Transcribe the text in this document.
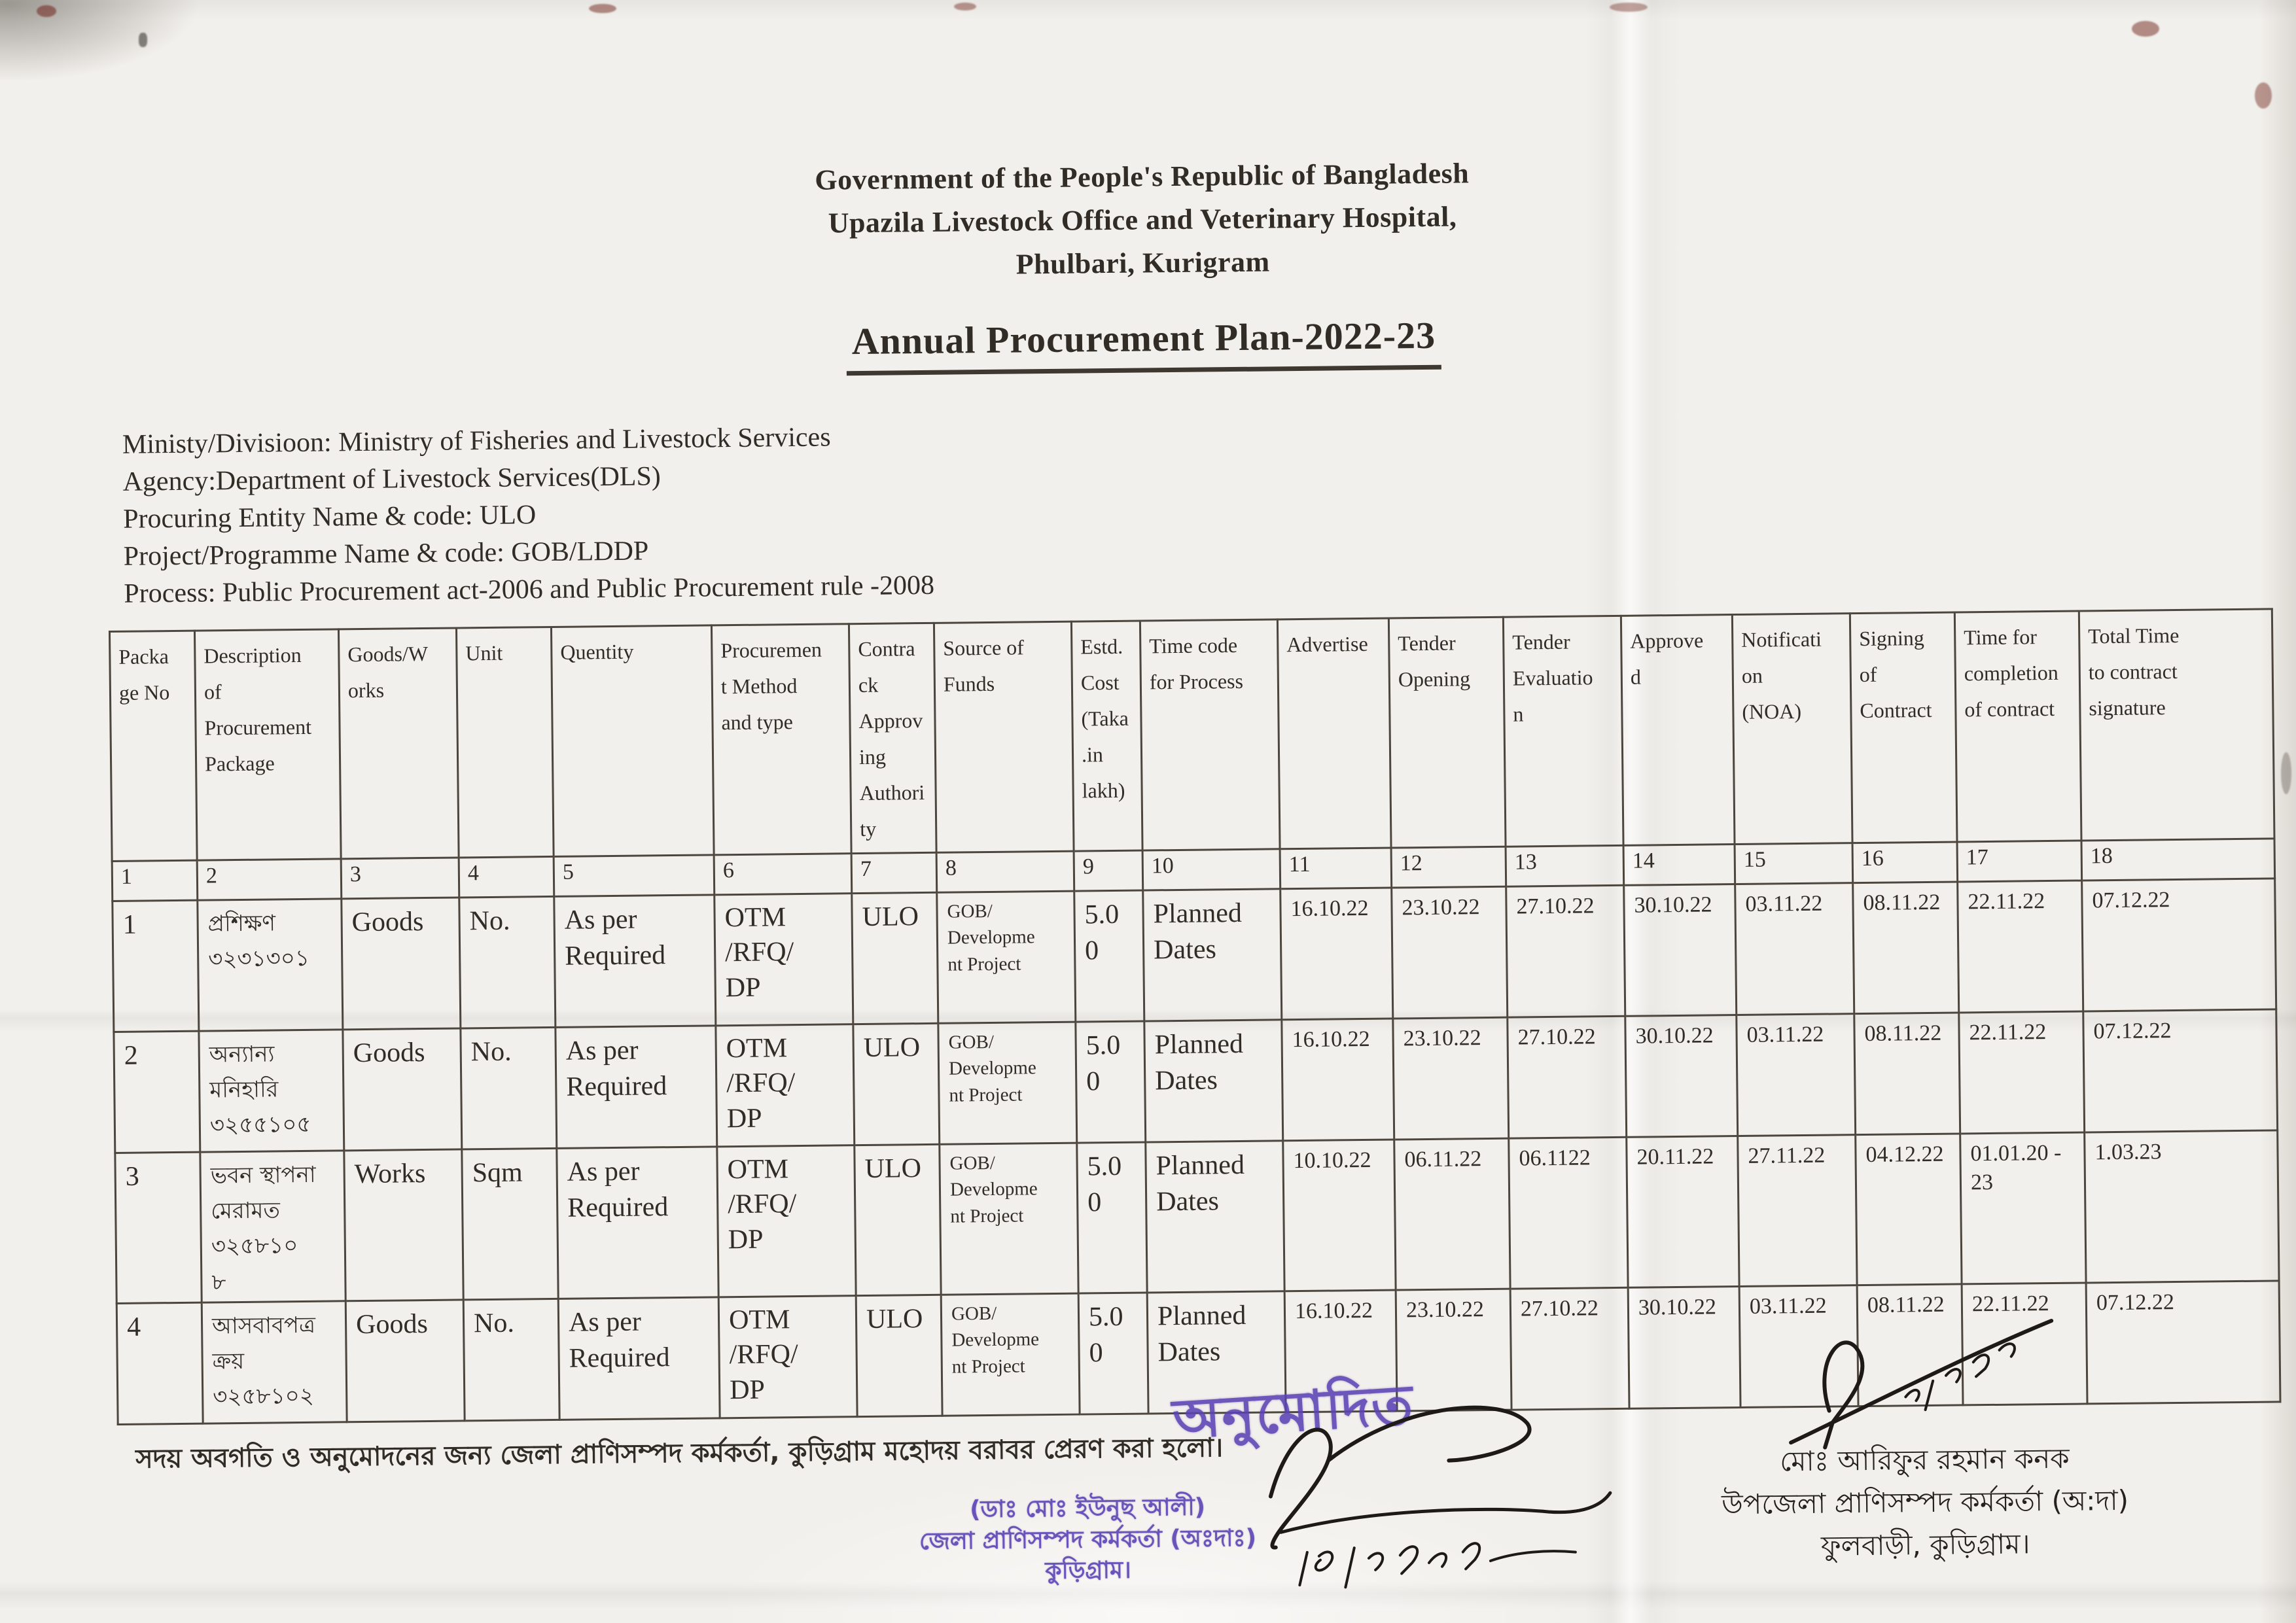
Government of the People's Republic of Bangladesh
Upazila Livestock Office and Veterinary Hospital,
Phulbari, Kurigram
Annual Procurement Plan-2022-23
Ministy/Divisioon: Ministry of Fisheries and Livestock Services
Agency:Department of Livestock Services(DLS)
Procuring Entity Name & code: ULO
Project/Programme Name & code: GOB/LDDP
Process: Public Procurement act-2006 and Public Procurement rule -2008
Packa
ge No	Description
of
Procurement
Package	Goods/W
orks	Unit	Quentity	Procuremen
t Method
and type	Contra
ck
Approv
ing
Authori
ty	Source of
Funds	Estd.
Cost
(Taka
.in
lakh)	Time code
for Process	Advertise	Tender
Opening	Tender
Evaluatio
n	Approve
d	Notificati
on
(NOA)	Signing
of
Contract	Time for
completion
of contract	Total Time
to contract
signature
1	2	3	4	5	6	7	8	9	10	11	12	13	14	15	16	17	18
1	প্রশিক্ষণ
৩২৩১৩০১	Goods	No.	As per
Required	OTM
/RFQ/
DP	ULO	GOB/
Developme
nt Project	5.0
0	Planned
Dates	16.10.22	23.10.22	27.10.22	30.10.22	03.11.22	08.11.22	22.11.22	07.12.22
2	অন্যান্য
মনিহারি
৩২৫৫১০৫	Goods	No.	As per
Required	OTM
/RFQ/
DP	ULO	GOB/
Developme
nt Project	5.0
0	Planned
Dates	16.10.22	23.10.22	27.10.22	30.10.22	03.11.22	08.11.22	22.11.22	07.12.22
3	ভবন স্থাপনা
মেরামত
৩২৫৮১০
৮	Works	Sqm	As per
Required	OTM
/RFQ/
DP	ULO	GOB/
Developme
nt Project	5.0
0	Planned
Dates	10.10.22	06.11.22	06.1122	20.11.22	27.11.22	04.12.22	01.01.20 -
23	1.03.23
4	আসবাবপত্র
ক্রয়
৩২৫৮১০২	Goods	No.	As per
Required	OTM
/RFQ/
DP	ULO	GOB/
Developme
nt Project	5.0
0	Planned
Dates	16.10.22	23.10.22	27.10.22	30.10.22	03.11.22	08.11.22	22.11.22	07.12.22
সদয় অবগতি ও অনুমোদনের জন্য জেলা প্রাণিসম্পদ কর্মকর্তা, কুড়িগ্রাম মহোদয় বরাবর প্রেরণ করা হলো।
অনুমোদিত
(ডাঃ মোঃ ইউনুছ আলী)
জেলা প্রাণিসম্পদ কর্মকর্তা (অঃদাঃ)
কুড়িগ্রাম।
মোঃ আরিফুর রহমান কনক
উপজেলা প্রাণিসম্পদ কর্মকর্তা (অ:দা)
ফুলবাড়ী, কুড়িগ্রাম।
